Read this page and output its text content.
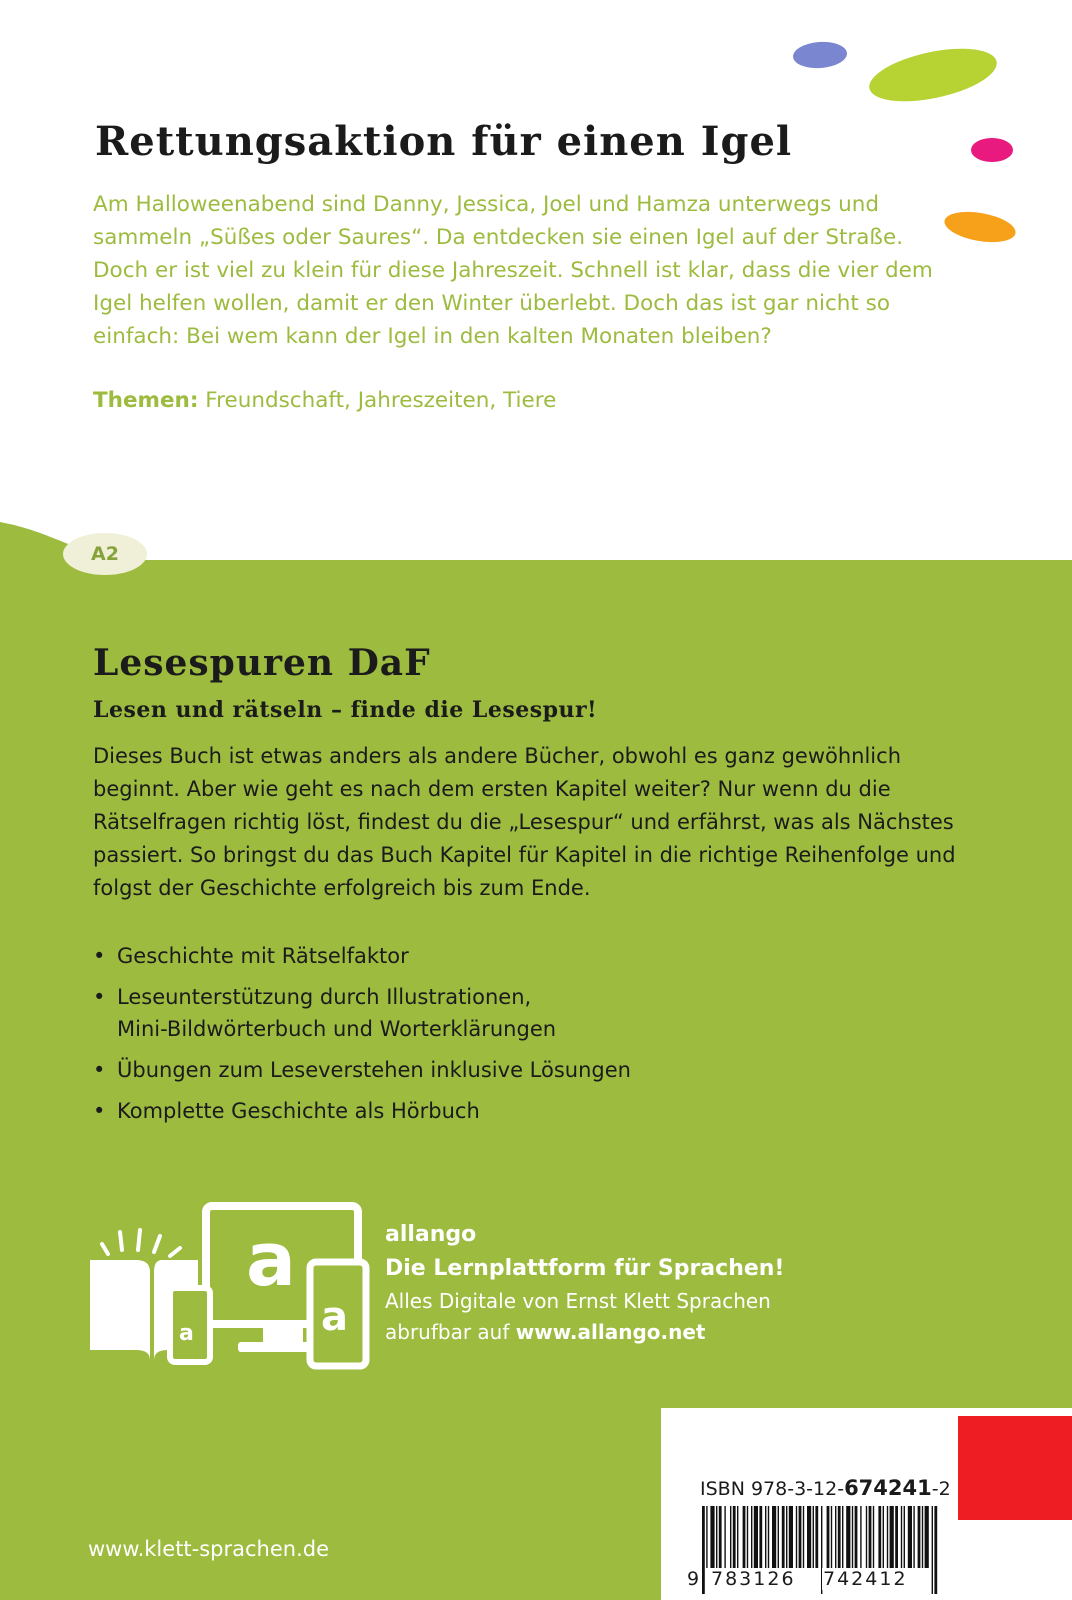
Rettungsaktion für einen Igel

Am Halloweenabend sind Danny, Jessica, Joel und Hamza unterwegs und sammeln „Süßes oder Saures“. Da entdecken sie einen Igel auf der Straße. Doch er ist viel zu klein für diese Jahreszeit. Schnell ist klar, dass die vier dem Igel helfen wollen, damit er den Winter überlebt. Doch das ist gar nicht so einfach: Bei wem kann der Igel in den kalten Monaten bleiben?

Themen: Freundschaft, Jahreszeiten, Tiere

A2
Lesespuren DaF
Lesen und rätseln – finde die Lesespur!

Dieses Buch ist etwas anders als andere Bücher, obwohl es ganz gewöhnlich beginnt. Aber wie geht es nach dem ersten Kapitel weiter? Nur wenn du die Rätselfragen richtig löst, findest du die „Lesespur“ und erfährst, was als Nächstes passiert. So bringst du das Buch Kapitel für Kapitel in die richtige Reihenfolge und folgst der Geschichte erfolgreich bis zum Ende.

• Geschichte mit Rätselfaktor
• Leseunterstützung durch Illustrationen, Mini-Bildwörterbuch und Worterklärungen
• Übungen zum Leseverstehen inklusive Lösungen
• Komplette Geschichte als Hörbuch
a
a	a

allango

Die Lernplattform für Sprachen!

Alles Digitale von Ernst Klett Sprachen

abrufbar auf www.allango.net

www.klett-sprachen.de

ISBN 978-3-12-674241-2

9 783126 742412
